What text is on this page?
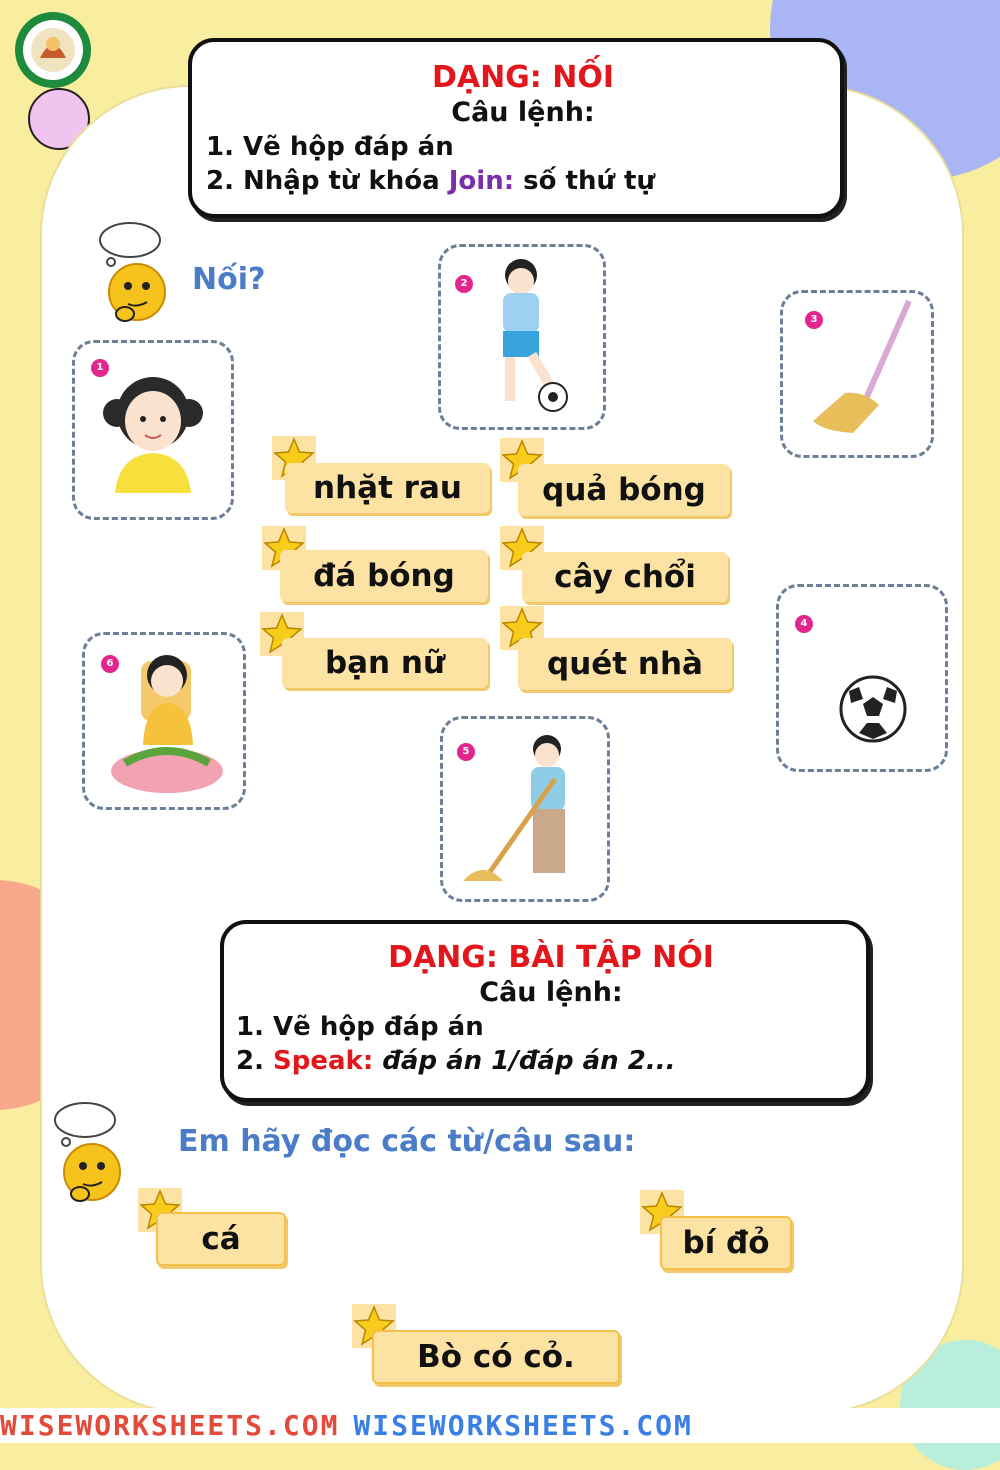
DẠNG: NỐI
Câu lệnh:
1. Vẽ hộp đáp án
2. Nhập từ khóa Join: số thứ tự
Nối?
1
2
3
4
5
6
nhặt rau	quả bóng
đá bóng	cây chổi
bạn nữ	quét nhà
DẠNG: BÀI TẬP NÓI
Câu lệnh:
1. Vẽ hộp đáp án
2. Speak: đáp án 1/đáp án 2...
Em hãy đọc các từ/câu sau:
cá	bí đỏ
Bò có cỏ.
WISEWORKSHEETS.COM WISEWORKSHEETS.COM
